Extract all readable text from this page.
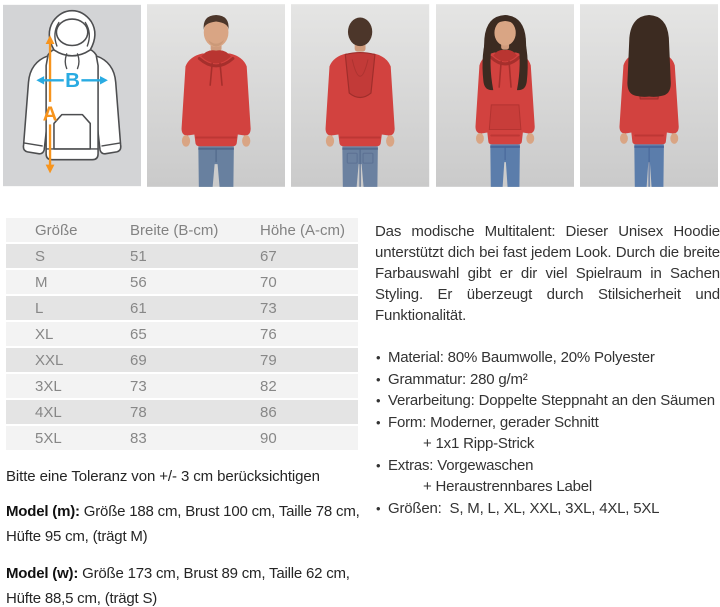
A
B
Größe	Breite (B-cm)	Höhe (A-cm)
S	51	67
M	56	70
L	61	73
XL	65	76
XXL	69	79
3XL	73	82
4XL	78	86
5XL	83	90
Bitte eine Toleranz von +/- 3 cm berücksichtigen
Model (m): Größe 188 cm, Brust 100 cm, Taille 78 cm, Hüfte 95 cm, (trägt M)
Model (w): Größe 173 cm, Brust 89 cm, Taille 62 cm, Hüfte 88,5 cm, (trägt S)

Das modische Multitalent: Dieser Unisex Hoodie unterstützt dich bei fast jedem Look. Durch die breite Farbauswahl gibt er dir viel Spielraum in Sachen Styling. Er überzeugt durch Stilsicherheit und Funktionalität.

• Material: 80% Baumwolle, 20% Polyester
• Grammatur: 280 g/m²
• Verarbeitung: Doppelte Steppnaht an den Säumen
• Form: Moderner, gerader Schnitt
+ 1x1 Ripp-Strick
• Extras: Vorgewaschen
+ Heraustrennbares Label
• Größen:  S, M, L, XL, XXL, 3XL, 4XL, 5XL
